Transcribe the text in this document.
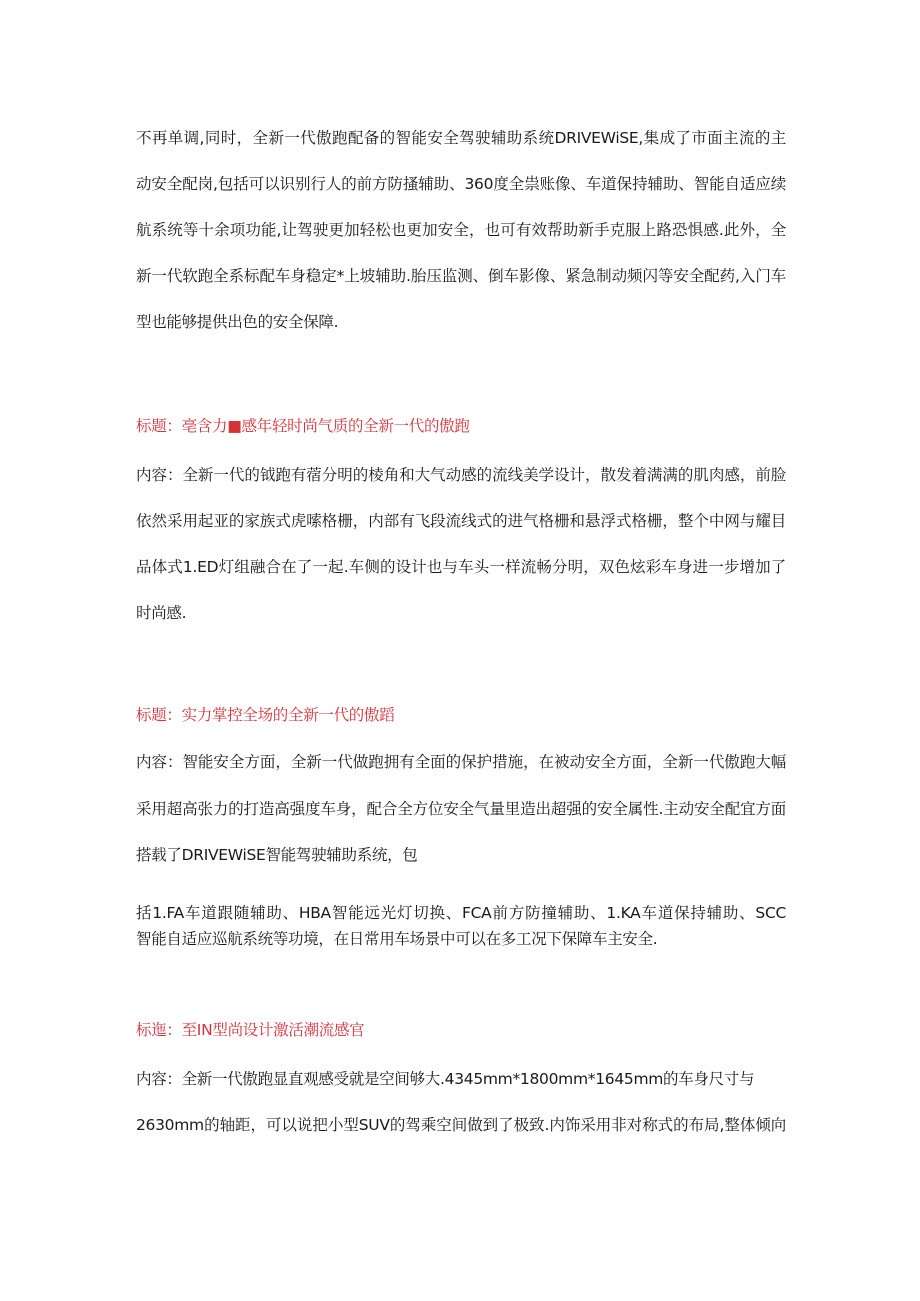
不再单调,同时，全新一代傲跑配备的智能安全驾驶辅助系统DRIVEWiSE,集成了市面主流的主
动安全配岗,包括可以识别行人的前方防搔辅助、360度全祟账像、车道保持辅助、智能自适应续
航系统等十余项功能,让驾驶更加轻松也更加安全，也可有效帮助新手克服上路恐惧感.此外，全
新一代软跑全系标配车身稳定*上坡辅助.胎压监测、倒车影像、紧急制动频闪等安全配药,入门车
型也能够提供出色的安全保障.
标题：亳含力■感年轻时尚气质的全新一代的傲跑
内容：全新一代的钺跑有蓿分明的棱角和大气动感的流线美学设计，散发着满满的肌肉感，前脸
依然采用起亚的家族式虎嗦格栅，内部有飞段流线式的进气格栅和悬浮式格栅，整个中网与耀目
品体式1.ED灯组融合在了一起.车侧的设计也与车头一样流畅分明，双色炫彩车身进一步增加了
时尚感.
标题：实力掌控全场的全新一代的傲蹈
内容：智能安全方面，全新一代做跑拥有全面的保护措施，在被动安全方面，全新一代傲跑大幅
采用超高张力的打造高强度车身，配合全方位安全气量里造出超强的安全属性.主动安全配宜方面
搭载了DRIVEWiSE智能驾驶辅助系统，包
括1.FA车道跟随辅助、HBA智能远光灯切换、FCA前方防撞辅助、1.KA车道保持辅助、SCC
智能自适应巡航系统等功境，在日常用车场景中可以在多工况下保障车主安全.
标迤：至IN型尚设计激活潮流感官
内容：全新一代傲跑显直观感受就是空间够大.4345mm*1800mm*1645mm的车身尺寸与
2630mm的轴距，可以说把小型SUV的驾乘空间做到了极致.内饰采用非对称式的布局,整体倾向
